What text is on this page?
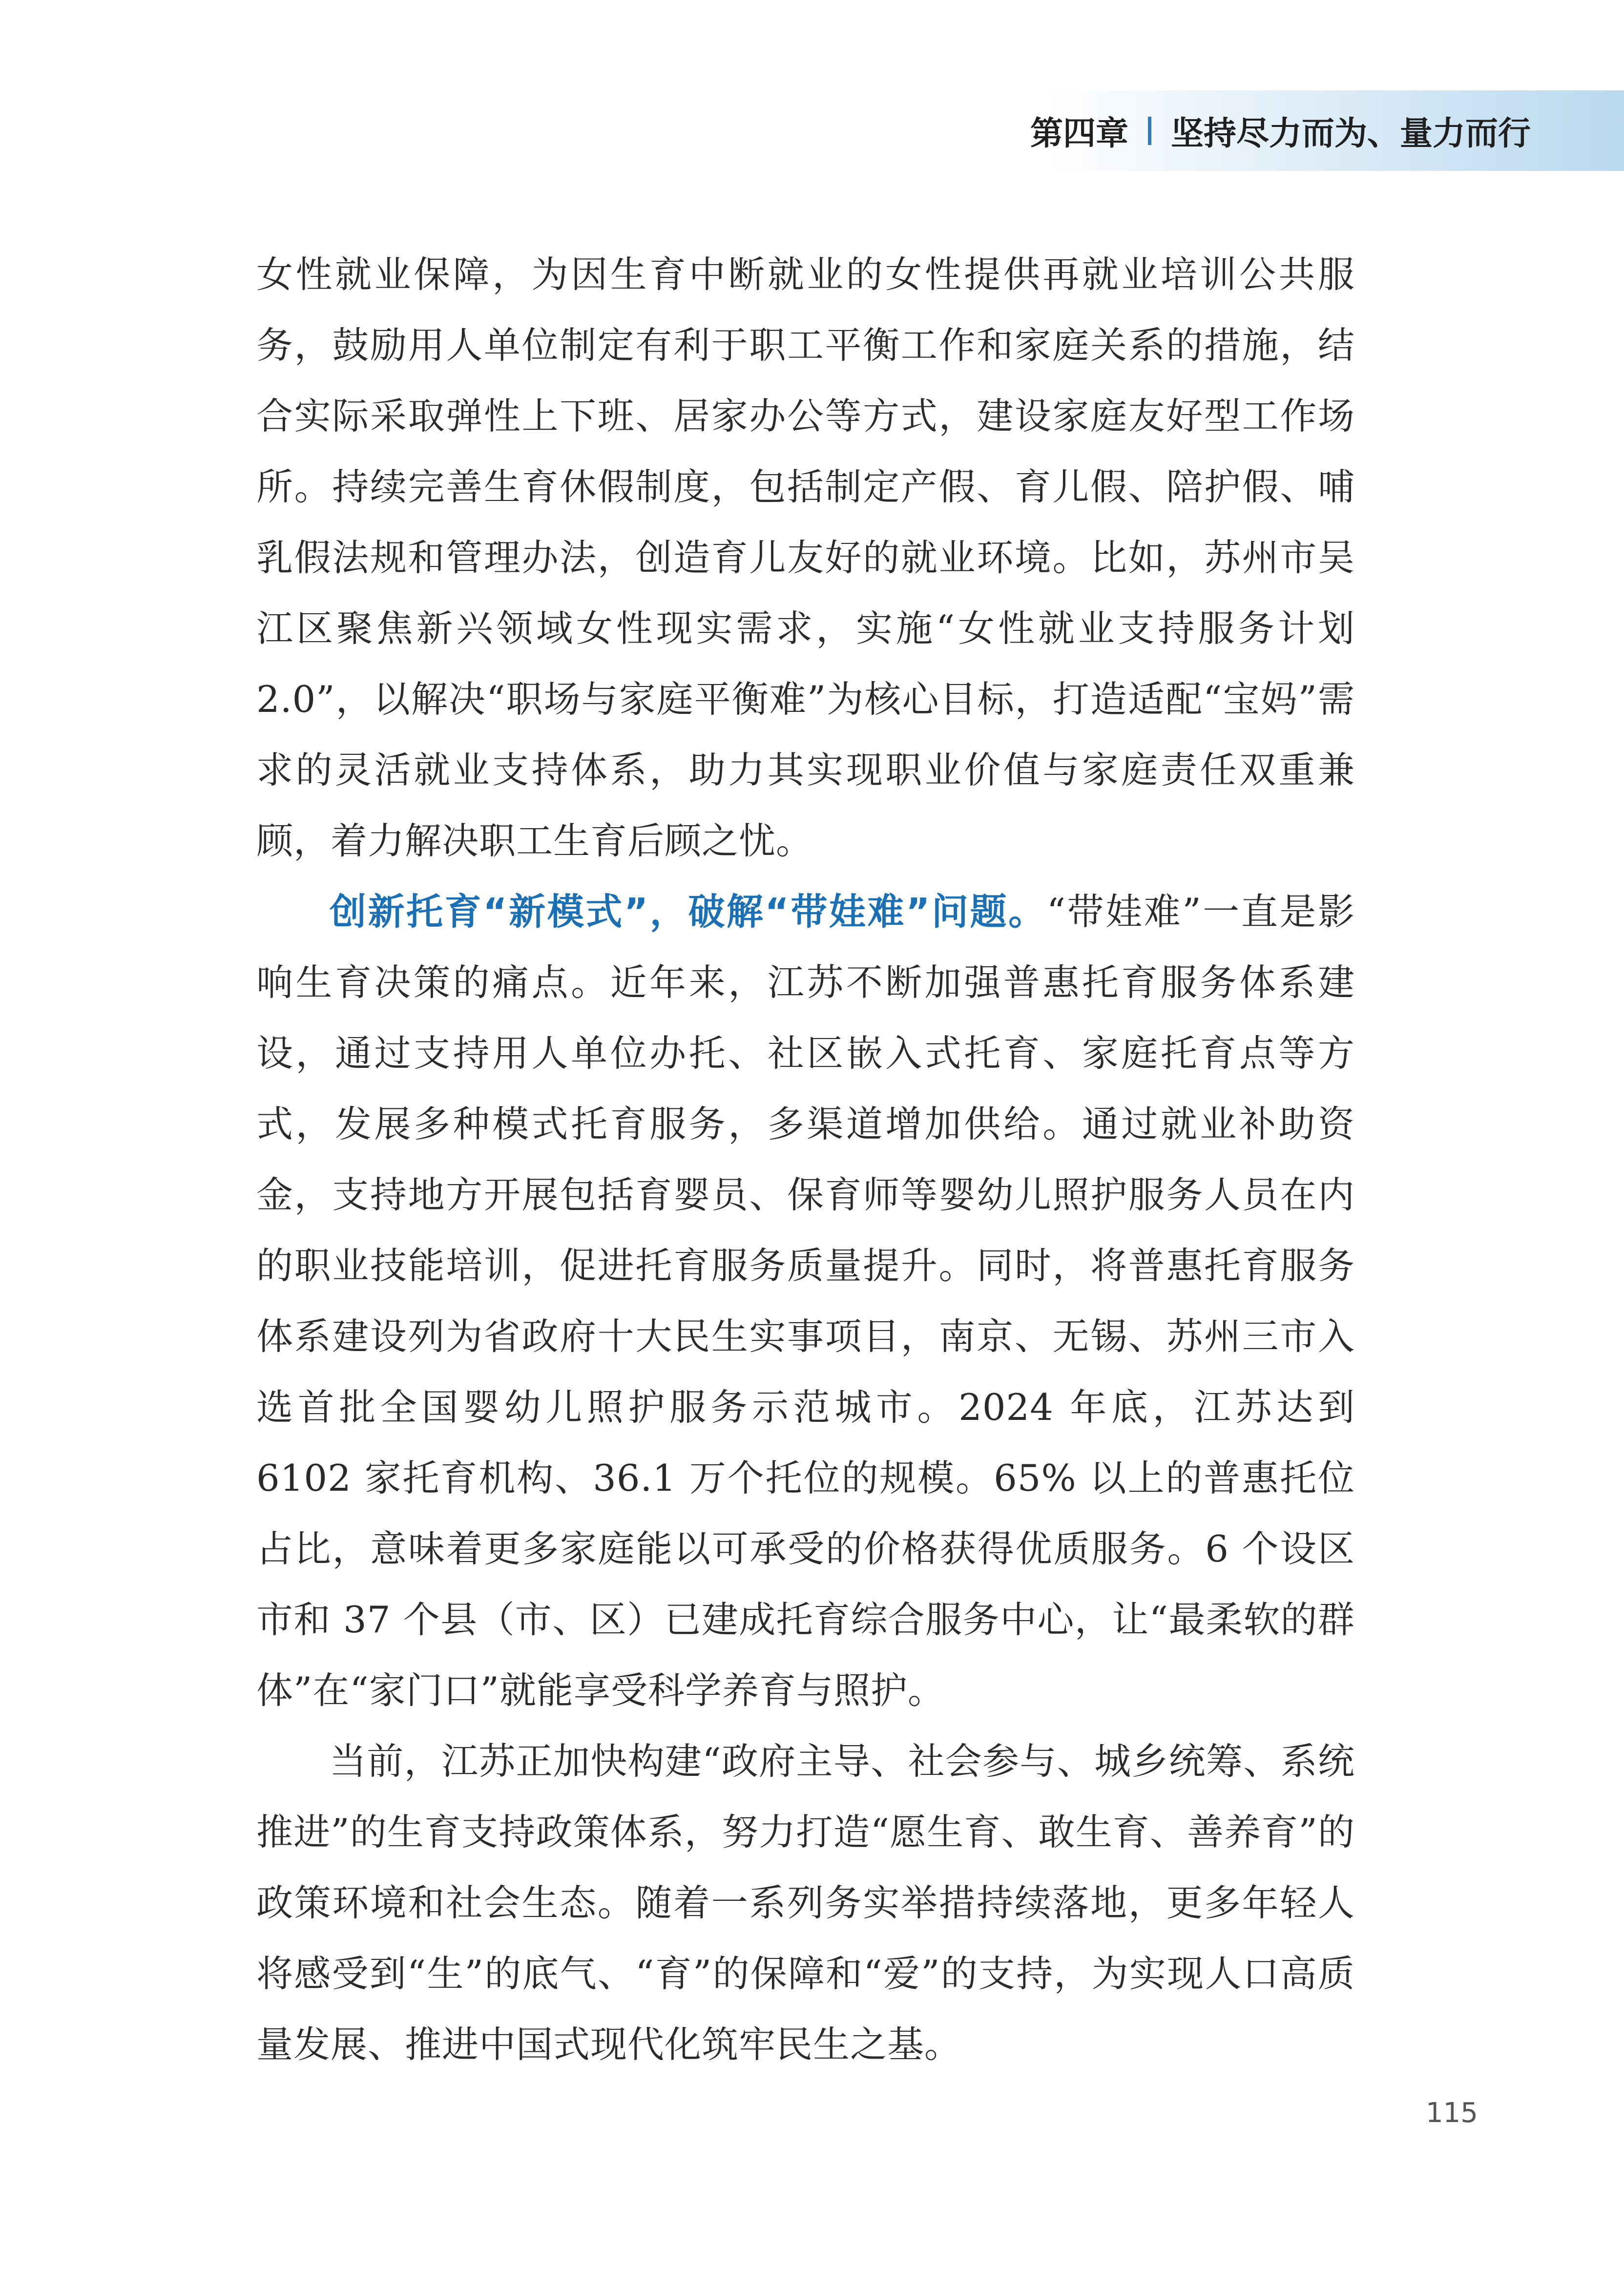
第四章 坚持尽力而为、量力而行

女性就业保障，为因生育中断就业的女性提供再就业培训公共服务，鼓励用人单位制定有利于职工平衡工作和家庭关系的措施，结合实际采取弹性上下班、居家办公等方式，建设家庭友好型工作场所。持续完善生育休假制度，包括制定产假、育儿假、陪护假、哺乳假法规和管理办法，创造育儿友好的就业环境。比如，苏州市吴江区聚焦新兴领域女性现实需求，实施“女性就业支持服务计划 2.0”，以解决“职场与家庭平衡难”为核心目标，打造适配“宝妈”需求的灵活就业支持体系，助力其实现职业价值与家庭责任双重兼顾，着力解决职工生育后顾之忧。

创新托育“新模式”，破解“带娃难”问题。“带娃难”一直是影响生育决策的痛点。近年来，江苏不断加强普惠托育服务体系建设，通过支持用人单位办托、社区嵌入式托育、家庭托育点等方式，发展多种模式托育服务，多渠道增加供给。通过就业补助资金，支持地方开展包括育婴员、保育师等婴幼儿照护服务人员在内的职业技能培训，促进托育服务质量提升。同时，将普惠托育服务体系建设列为省政府十大民生实事项目，南京、无锡、苏州三市入选首批全国婴幼儿照护服务示范城市。2024 年底，江苏达到 6102 家托育机构、36.1 万个托位的规模。65% 以上的普惠托位占比，意味着更多家庭能以可承受的价格获得优质服务。6 个设区市和 37 个县（市、区）已建成托育综合服务中心，让“最柔软的群体”在“家门口”就能享受科学养育与照护。

当前，江苏正加快构建“政府主导、社会参与、城乡统筹、系统推进”的生育支持政策体系，努力打造“愿生育、敢生育、善养育”的政策环境和社会生态。随着一系列务实举措持续落地，更多年轻人将感受到“生”的底气、“育”的保障和“爱”的支持，为实现人口高质量发展、推进中国式现代化筑牢民生之基。

115
